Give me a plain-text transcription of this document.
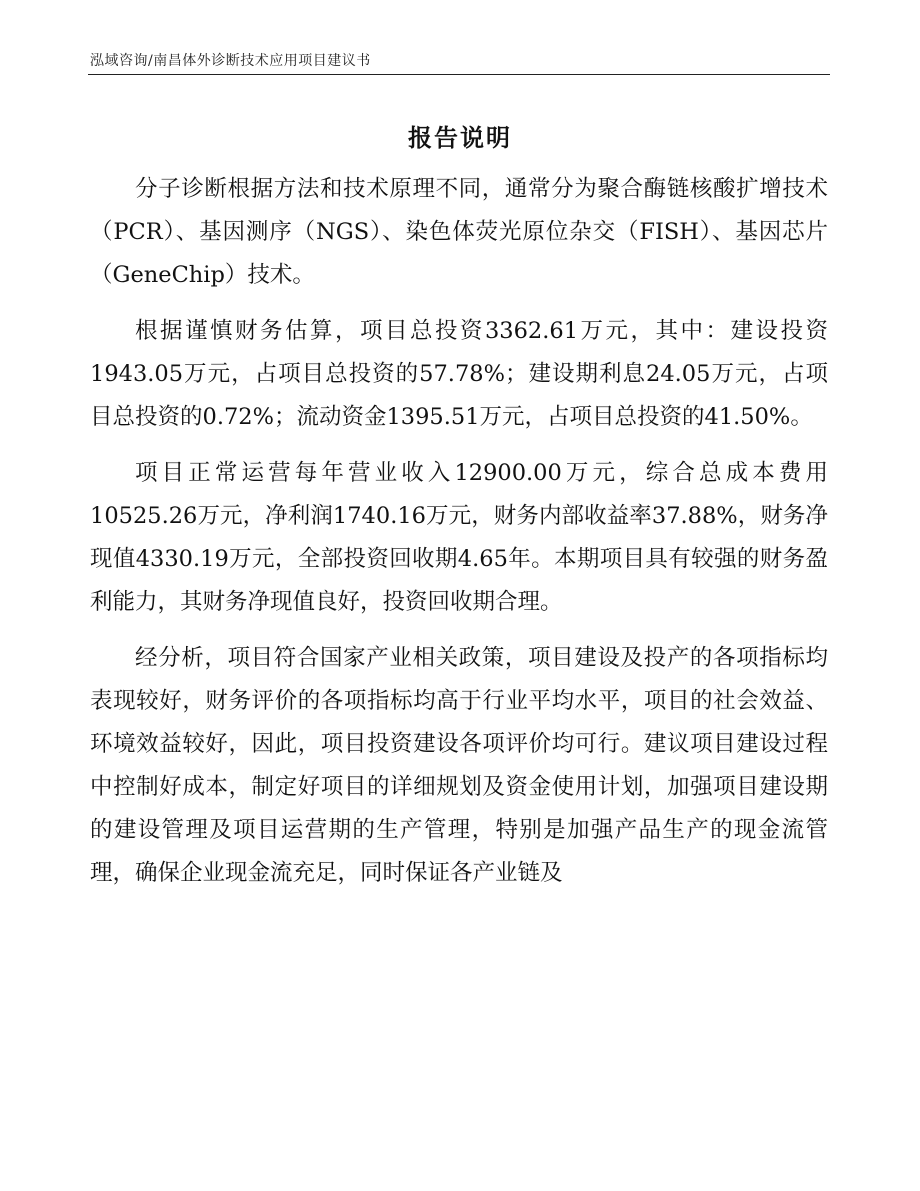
泓域咨询/南昌体外诊断技术应用项目建议书
报告说明

分子诊断根据方法和技术原理不同，通常分为聚合酶链核酸扩增技术（PCR）、基因测序（NGS）、染色体荧光原位杂交（FISH）、基因芯片（GeneChip）技术。

根据谨慎财务估算，项目总投资3362.61万元，其中：建设投资1943.05万元，占项目总投资的57.78%；建设期利息24.05万元，占项目总投资的0.72%；流动资金1395.51万元，占项目总投资的41.50%。

项目正常运营每年营业收入12900.00万元，综合总成本费用10525.26万元，净利润1740.16万元，财务内部收益率37.88%，财务净现值4330.19万元，全部投资回收期4.65年。本期项目具有较强的财务盈利能力，其财务净现值良好，投资回收期合理。

经分析，项目符合国家产业相关政策，项目建设及投产的各项指标均表现较好，财务评价的各项指标均高于行业平均水平，项目的社会效益、环境效益较好，因此，项目投资建设各项评价均可行。建议项目建设过程中控制好成本，制定好项目的详细规划及资金使用计划，加强项目建设期的建设管理及项目运营期的生产管理，特别是加强产品生产的现金流管理，确保企业现金流充足，同时保证各产业链及
